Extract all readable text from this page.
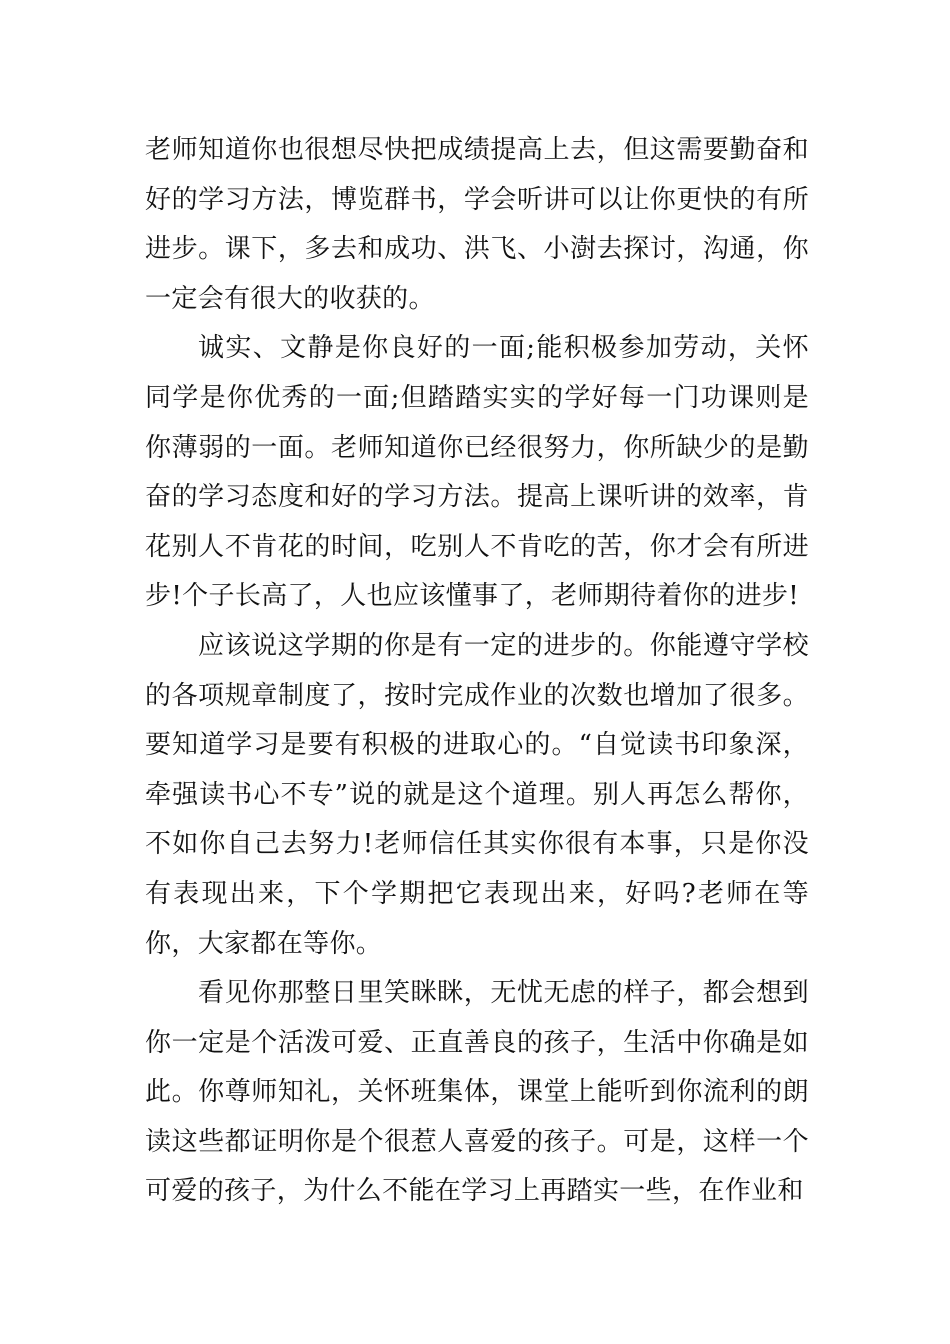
老师知道你也很想尽快把成绩提高上去，但这需要勤奋和好的学习方法，博览群书，学会听讲可以让你更快的有所进步。课下，多去和成功、洪飞、小澍去探讨，沟通，你一定会有很大的收获的。

诚实、文静是你良好的一面;能积极参加劳动，关怀同学是你优秀的一面;但踏踏实实的学好每一门功课则是你薄弱的一面。老师知道你已经很努力，你所缺少的是勤奋的学习态度和好的学习方法。提高上课听讲的效率，肯花别人不肯花的时间，吃别人不肯吃的苦，你才会有所进步!个子长高了，人也应该懂事了，老师期待着你的进步!

应该说这学期的你是有一定的进步的。你能遵守学校的各项规章制度了，按时完成作业的次数也增加了很多。要知道学习是要有积极的进取心的。“自觉读书印象深，牵强读书心不专”说的就是这个道理。别人再怎么帮你，不如你自己去努力!老师信任其实你很有本事，只是你没有表现出来，下个学期把它表现出来，好吗?老师在等你，大家都在等你。

看见你那整日里笑眯眯，无忧无虑的样子，都会想到你一定是个活泼可爱、正直善良的孩子，生活中你确是如此。你尊师知礼，关怀班集体，课堂上能听到你流利的朗读这些都证明你是个很惹人喜爱的孩子。可是，这样一个可爱的孩子，为什么不能在学习上再踏实一些，在作业和
